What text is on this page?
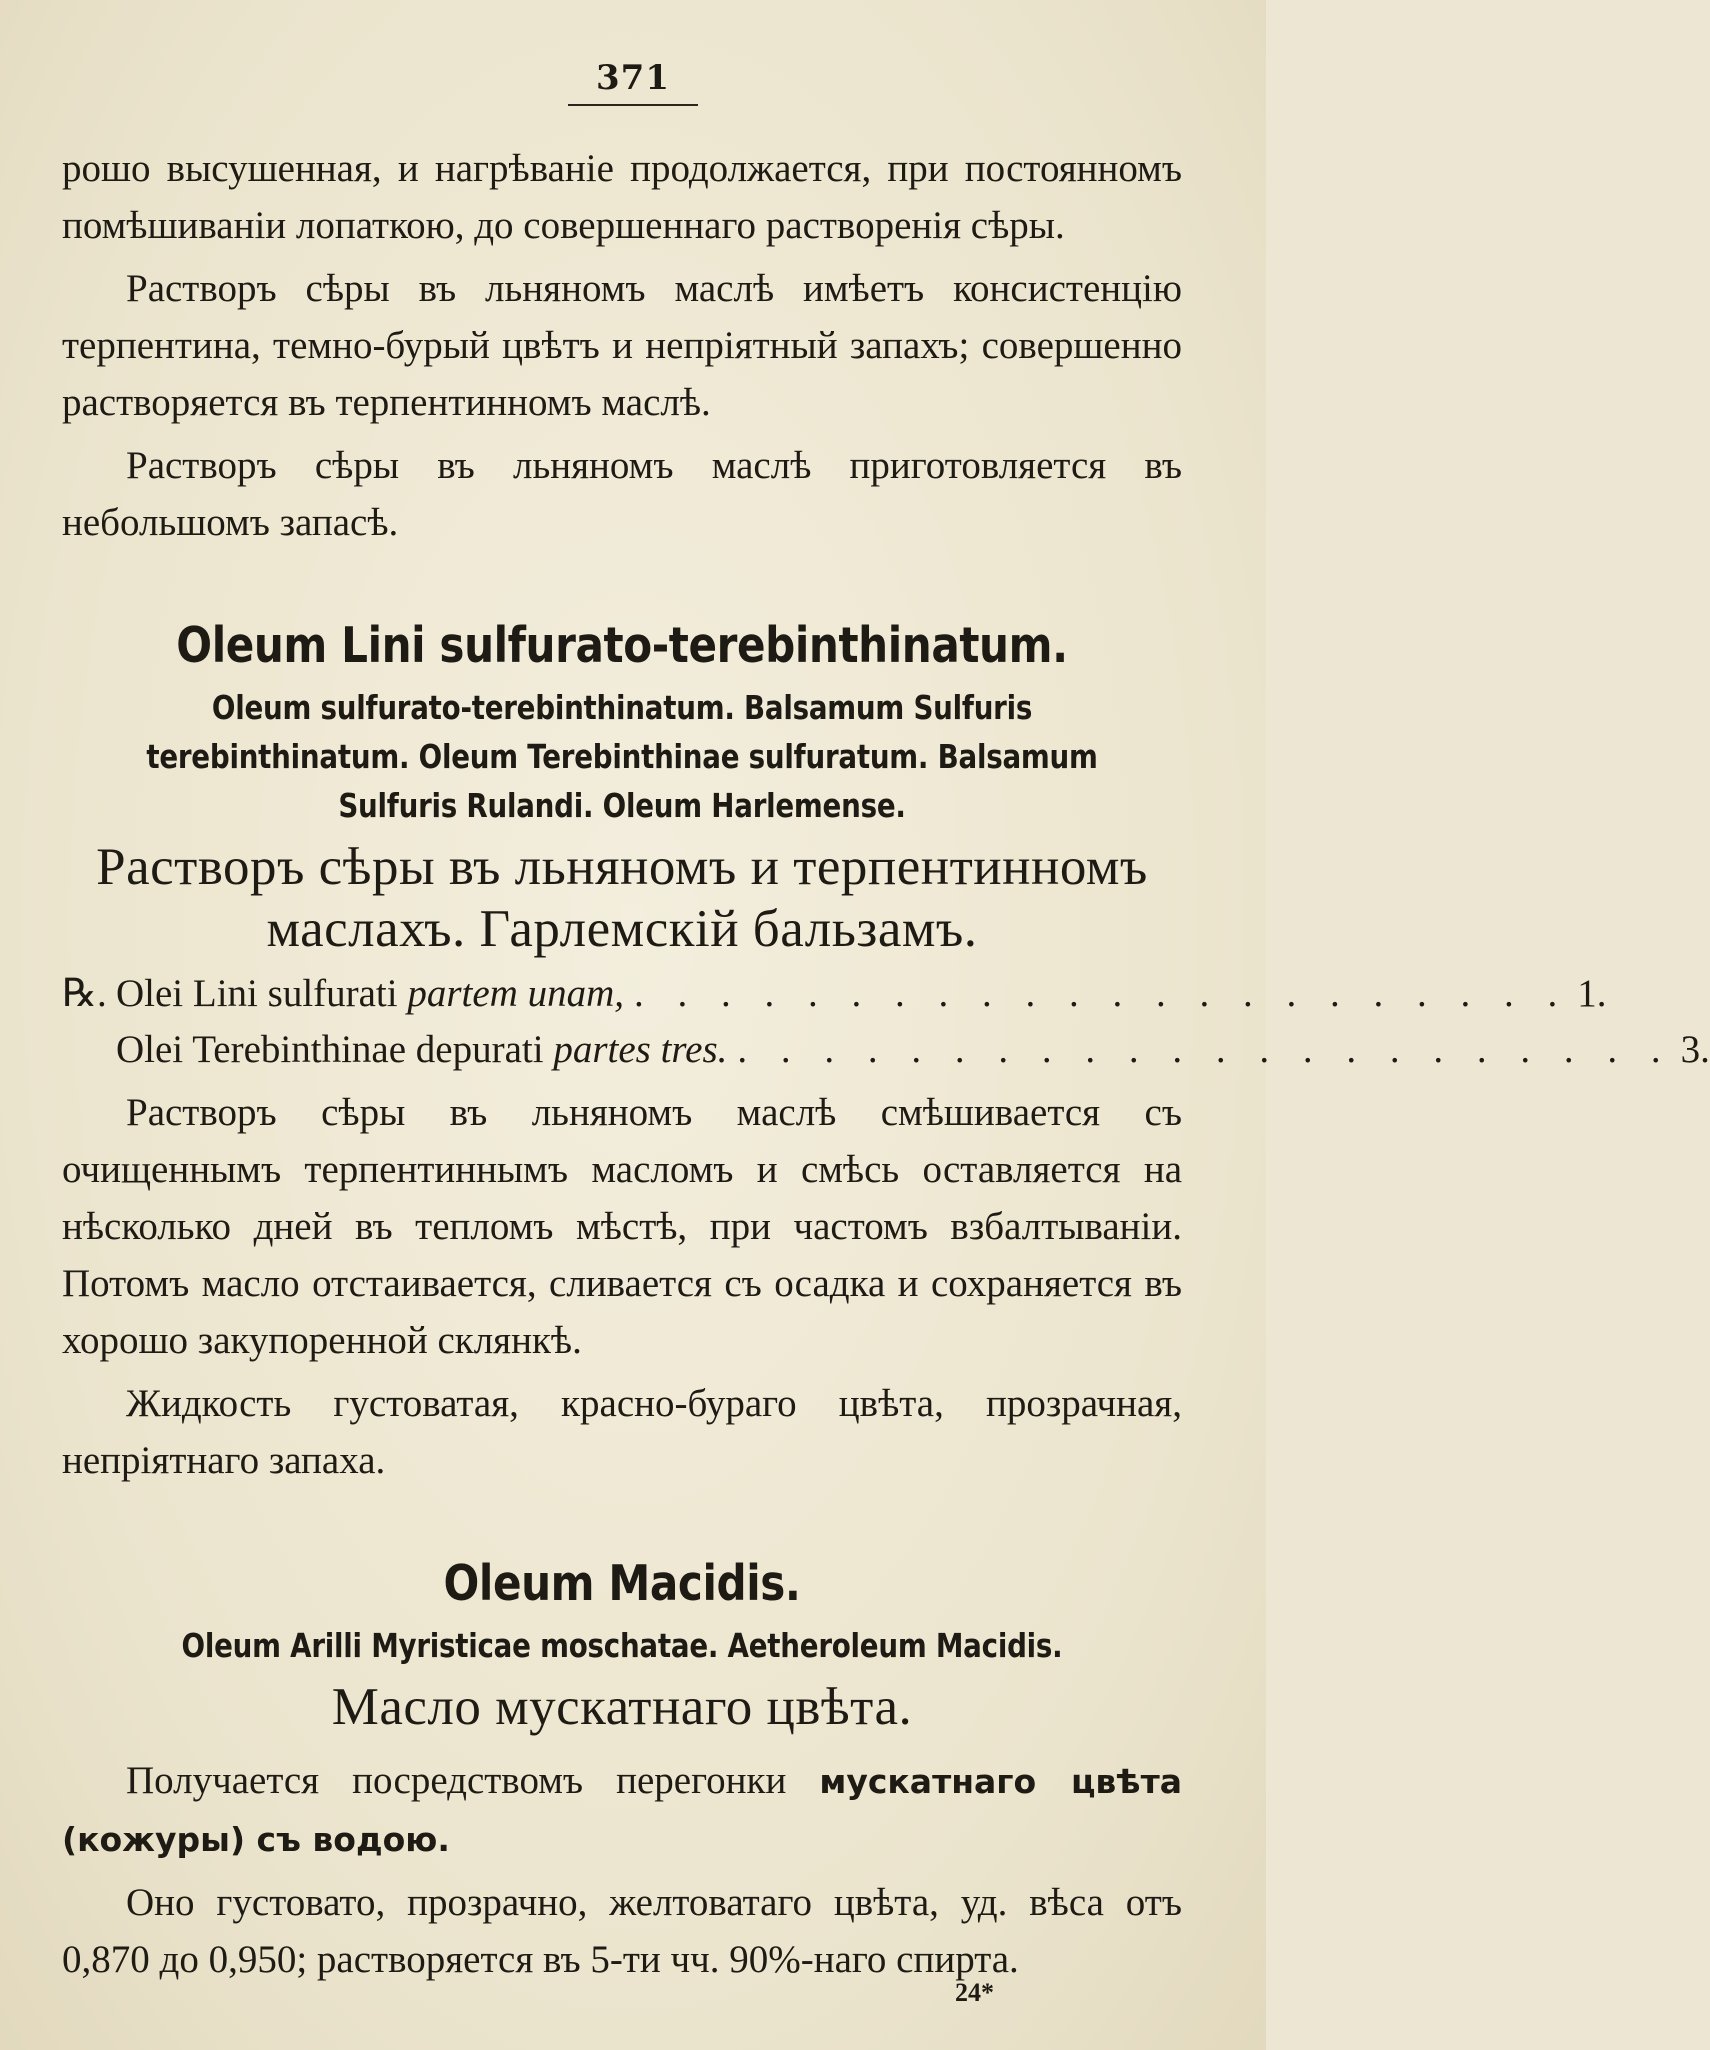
371

рошо высушенная, и нагрѣваніе продолжается, при постоянномъ помѣшиваніи лопаткою, до совершеннаго растворенія сѣры.

Растворъ сѣры въ льняномъ маслѣ имѣетъ консистенцію терпентина, темно-бурый цвѣтъ и непріятный запахъ; совершенно растворяется въ терпентинномъ маслѣ.

Растворъ сѣры въ льняномъ маслѣ приготовляется въ небольшомъ запасѣ.

Oleum Lini sulfurato-terebinthinatum.
Oleum sulfurato-terebinthinatum. Balsamum Sulfuris terebinthinatum. Oleum Terebinthinae sulfuratum. Balsamum Sulfuris Rulandi. Oleum Harlemense.
Растворъ сѣры въ льняномъ и терпентинномъ
маслахъ. Гарлемскій бальзамъ.
℞. Olei Lini sulfurati partem unam, . . . . . . . . . . . . . . . . . . . . . . 1.
Olei Terebinthinae depurati partes tres. . . . . . . . . . . . . . . . . . . . . . . 3.

Растворъ сѣры въ льняномъ маслѣ смѣшивается съ очищеннымъ терпентиннымъ масломъ и смѣсь оставляется на нѣсколько дней въ тепломъ мѣстѣ, при частомъ взбалтываніи. Потомъ масло отстаивается, сливается съ осадка и сохраняется въ хорошо закупоренной склянкѣ.

Жидкость густоватая, красно-бураго цвѣта, прозрачная, непріятнаго запаха.

Oleum Macidis.
Oleum Arilli Myristicae moschatae. Aetheroleum Macidis.
Масло мускатнаго цвѣта.

Получается посредствомъ перегонки мускатнаго цвѣта (кожуры) съ водою.

Оно густовато, прозрачно, желтоватаго цвѣта, уд. вѣса отъ 0,870 до 0,950; растворяется въ 5-ти чч. 90%-наго спирта.

24*
